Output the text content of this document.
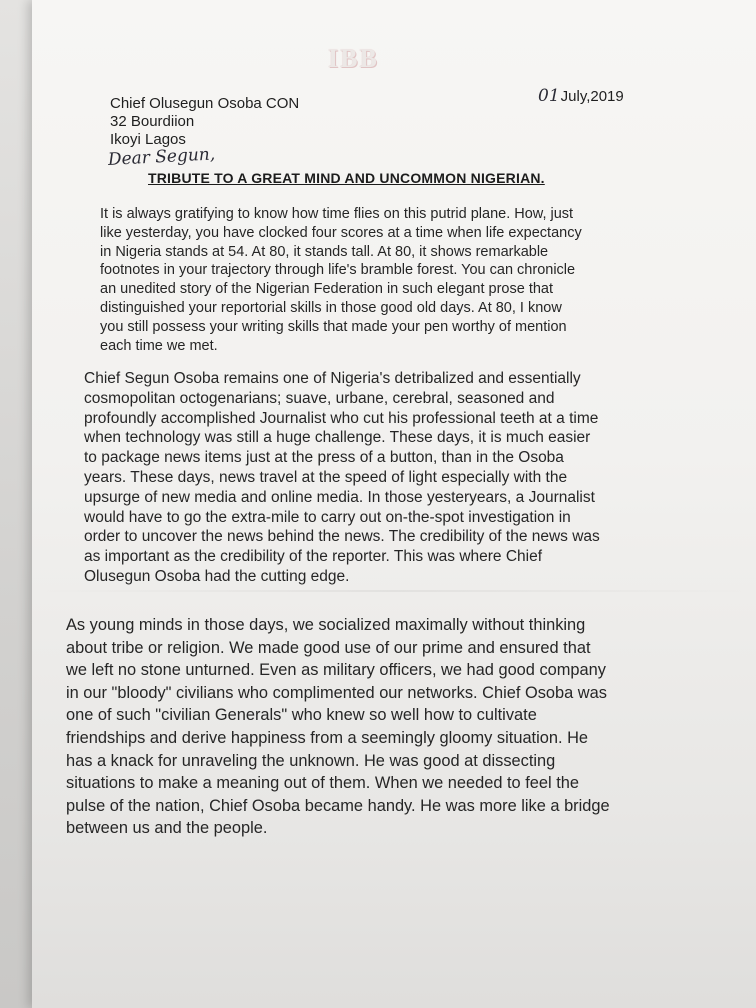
IBB
Chief Olusegun Osoba CON
32 Bourdiion
Ikoyi Lagos
01July,2019
Dear Segun,
TRIBUTE TO A GREAT MIND AND UNCOMMON NIGERIAN.
It is always gratifying to know how time flies on this putrid plane. How, just
like yesterday, you have clocked four scores at a time when life expectancy
in Nigeria stands at 54. At 80, it stands tall. At 80, it shows remarkable
footnotes in your trajectory through life's bramble forest. You can chronicle
an unedited story of the Nigerian Federation in such elegant prose that
distinguished your reportorial skills in those good old days. At 80, I know
you still possess your writing skills that made your pen worthy of mention
each time we met.
Chief Segun Osoba remains one of Nigeria's detribalized and essentially
cosmopolitan octogenarians; suave, urbane, cerebral, seasoned and
profoundly accomplished Journalist who cut his professional teeth at a time
when technology was still a huge challenge. These days, it is much easier
to package news items just at the press of a button, than in the Osoba
years. These days, news travel at the speed of light especially with the
upsurge of new media and online media. In those yesteryears, a Journalist
would have to go the extra-mile to carry out on-the-spot investigation in
order to uncover the news behind the news. The credibility of the news was
as important as the credibility of the reporter. This was where Chief
Olusegun Osoba had the cutting edge.
As young minds in those days, we socialized maximally without thinking
about tribe or religion. We made good use of our prime and ensured that
we left no stone unturned. Even as military officers, we had good company
in our "bloody" civilians who complimented our networks. Chief Osoba was
one of such "civilian Generals" who knew so well how to cultivate
friendships and derive happiness from a seemingly gloomy situation. He
has a knack for unraveling the unknown. He was good at dissecting
situations to make a meaning out of them. When we needed to feel the
pulse of the nation, Chief Osoba became handy. He was more like a bridge
between us and the people.
